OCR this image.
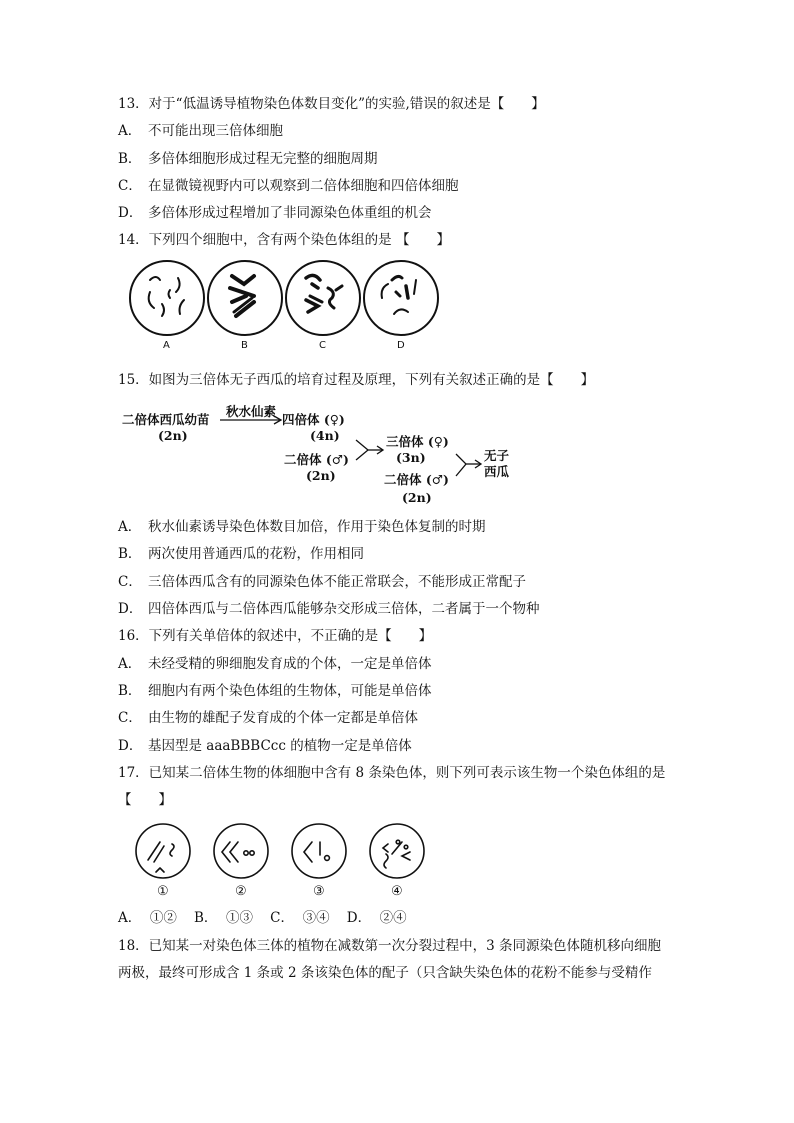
13．对于“低温诱导植物染色体数目变化”的实验,错误的叙述是【　　】
A． 不可能出现三倍体细胞
B． 多倍体细胞形成过程无完整的细胞周期
C． 在显微镜视野内可以观察到二倍体细胞和四倍体细胞
D． 多倍体形成过程增加了非同源染色体重组的机会
14．下列四个细胞中，含有两个染色体组的是 【　　】
A	B	C	D
15．如图为三倍体无子西瓜的培育过程及原理，下列有关叙述正确的是【　　】
二倍体西瓜幼苗
(2n)
秋水仙素
四倍体 (♀)
(4n)
二倍体 (♂)
(2n)
三倍体 (♀)
(3n)
二倍体 (♂)
(2n)
无子
西瓜
A． 秋水仙素诱导染色体数目加倍，作用于染色体复制的时期
B． 两次使用普通西瓜的花粉，作用相同
C． 三倍体西瓜含有的同源染色体不能正常联会，不能形成正常配子
D． 四倍体西瓜与二倍体西瓜能够杂交形成三倍体，二者属于一个物种
16．下列有关单倍体的叙述中，不正确的是【　　】
A． 未经受精的卵细胞发育成的个体，一定是单倍体
B． 细胞内有两个染色体组的生物体，可能是单倍体
C． 由生物的雄配子发育成的个体一定都是单倍体
D． 基因型是 aaaBBBCcc 的植物一定是单倍体
17．已知某二倍体生物的体细胞中含有 8 条染色体，则下列可表示该生物一个染色体组的是
【　　】
①	②	③	④
A．  ①②    B．  ①③    C．  ③④    D．  ②④
18．已知某一对染色体三体的植物在减数第一次分裂过程中，3 条同源染色体随机移向细胞
两极，最终可形成含 1 条或 2 条该染色体的配子（只含缺失染色体的花粉不能参与受精作
